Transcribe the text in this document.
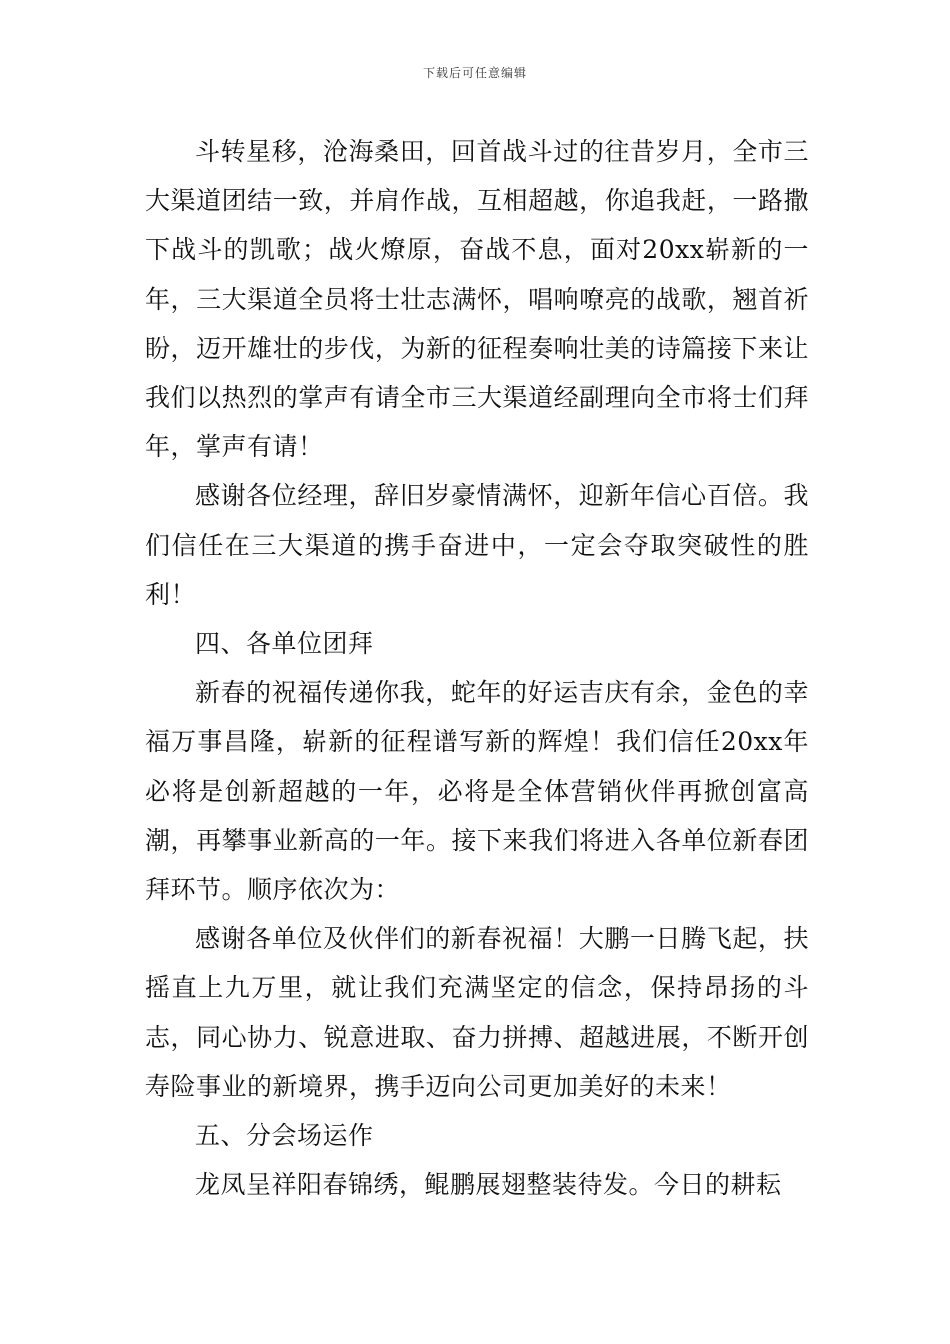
下载后可任意编辑

斗转星移，沧海桑田，回首战斗过的往昔岁月，全市三大渠道团结一致，并肩作战，互相超越，你追我赶，一路撒下战斗的凯歌；战火燎原，奋战不息，面对20xx崭新的一年，三大渠道全员将士壮志满怀，唱响嘹亮的战歌，翘首祈盼，迈开雄壮的步伐，为新的征程奏响壮美的诗篇接下来让我们以热烈的掌声有请全市三大渠道经副理向全市将士们拜年，掌声有请！

感谢各位经理，辞旧岁豪情满怀，迎新年信心百倍。我们信任在三大渠道的携手奋进中，一定会夺取突破性的胜利！

四、各单位团拜

新春的祝福传递你我，蛇年的好运吉庆有余，金色的幸福万事昌隆，崭新的征程谱写新的辉煌！我们信任20xx年必将是创新超越的一年，必将是全体营销伙伴再掀创富高潮，再攀事业新高的一年。接下来我们将进入各单位新春团拜环节。顺序依次为：

感谢各单位及伙伴们的新春祝福！大鹏一日腾飞起，扶摇直上九万里，就让我们充满坚定的信念，保持昂扬的斗志，同心协力、锐意进取、奋力拼搏、超越进展，不断开创寿险事业的新境界，携手迈向公司更加美好的未来！

五、分会场运作

龙凤呈祥阳春锦绣，鲲鹏展翅整装待发。今日的耕耘
